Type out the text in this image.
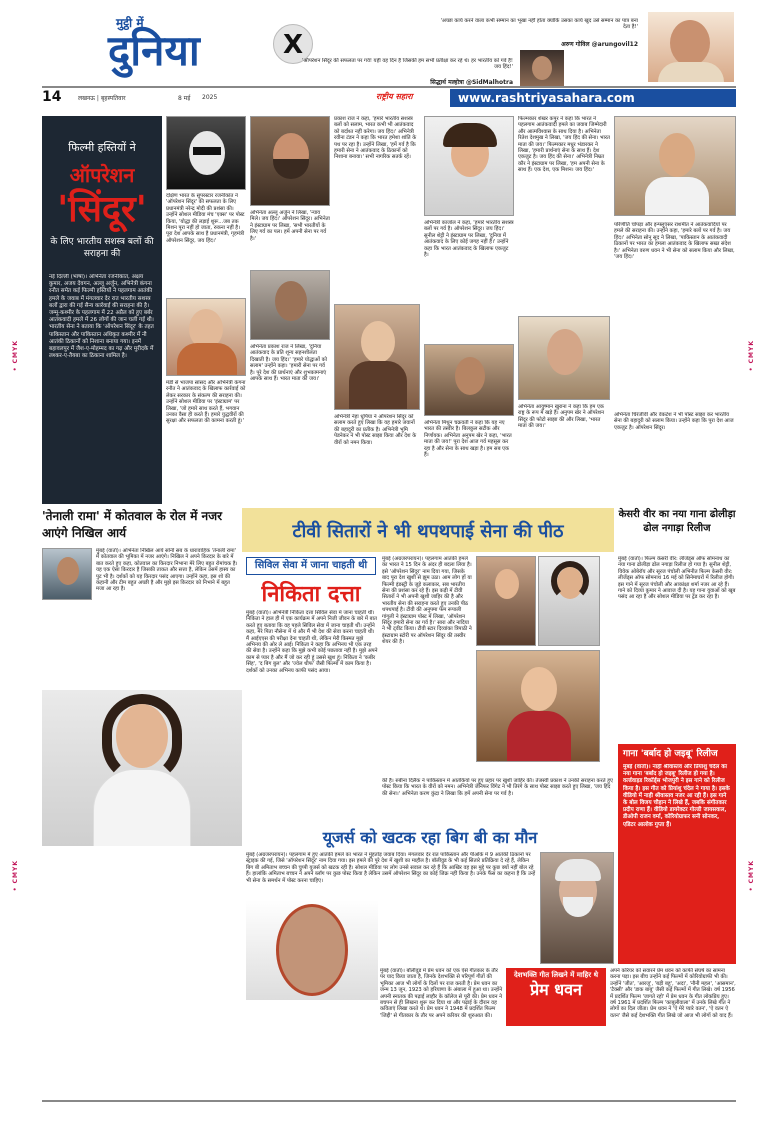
मुट्ठी में
दुनिया	X
'अच्छा कार्य करने वाला कभी सम्मान का भूखा नहीं होता क्योंकि उसका कार्य खुद उसे सम्मान का पात्र बना देता है!'
अरुण गोविल @arungovil12
'ऑपरेशन सिंदूर की सफलता पर गर्व! यही वह दिन है जिसकी हम सभी प्रतीक्षा कर रहे थे। हर भारतीय को गर्व है! जय हिंद!'
सिद्धार्थ मल्होत्रा @SidMalhotra
14	लखनऊ | बृहस्पतिवार	8 मई 2025	राष्ट्रीय सहारा	www.rashtriyasahara.com
फिल्मी हस्तियों ने
ऑपरेशन
'सिंदूर'
के लिए भारतीय सशस्त्र बलों की सराहना की
नई दिल्ली (भाषा)। अभिनेता रजनीकांत, अक्षय कुमार, अजय देवगन, अल्लू अर्जुन, अभिनेत्री कंगना रनौत समेत कई फिल्मी हस्तियों ने पहलगाम आतंकी हमले के जवाब में मंगलवार देर रात भारतीय सशस्त्र बलों द्वारा की गई सैन्य कार्रवाई की सराहना की है। जम्मू-कश्मीर के पहलगाम में 22 अप्रैल को हुए बर्बर आतंकवादी हमले में 26 लोगों की जान चली गई थी। भारतीय सेना ने बताया कि 'ऑपरेशन सिंदूर' के तहत पाकिस्तान और पाकिस्तान अधिकृत कश्मीर में नौ आतंकी ठिकानों को निशाना बनाया गया। इनमें बहावलपुर में जैश-ए-मोहम्मद का गढ़ और मुरीदके में लश्कर-ए-तैयबा का ठिकाना शामिल है।
दक्षिण भारत के सुपरस्टार रजनीकांत ने 'ऑपरेशन सिंदूर' की सफलता के लिए प्रधानमंत्री नरेन्द्र मोदी की प्रशंसा की। उन्होंने सोशल मीडिया मंच 'एक्स' पर पोस्ट किया, 'योद्धा की लड़ाई शुरू...जब तक मिशन पूरा नहीं हो जाता, रुकना नहीं है। पूरा देश आपके साथ है प्रधानमंत्री, गृहमंत्री ऑपरेशन सिंदूर, जय हिंद।'
मंडी से भाजपा सांसद और अभिनेत्री कंगना रनौत ने आतंकवाद के खिलाफ कार्रवाई को लेकर सरकार के संकल्प की सराहना की। उन्होंने सोशल मीडिया पर 'इंस्टाग्राम' पर लिखा, 'जो हमारे साथ करते हैं, भगवान उनका वैसा ही करते हैं। हमारे युद्धवीरों की सुरक्षा और सफलता की कामना करती हूं।'
अभिनेता अल्लू अर्जुन ने लिखा, 'न्याय मिले। जय हिंद।' ऑपरेशन सिंदूर। अभिनेता ने इंस्टाग्राम पर लिखा, 'सभी भारतीयों के लिए गर्व का पल। हमें अपनी सेना पर गर्व है।'
अभिनेता प्रकाश राज ने लिखा, 'दुनिया आतंकवाद के प्रति शून्य सहनशीलता दिखाती है। जय हिंद।' 'हमारे योद्धाओं को सलाम' उन्होंने कहा। 'हमारी सेना पर गर्व है। पूरे देश की प्रार्थनाएं और शुभकामनाएं आपके साथ हैं। भारत माता की जय।'
प्रकाश राज ने कहा, 'हमारे भारतीय सशस्त्र बलों को सलाम, भारत कभी भी आतंकवाद को बर्दाश्त नहीं करेगा। जय हिंद।' अभिनेत्री रवीना टंडन ने कहा कि भारत हमेशा शांति के पथ पर रहा है। उन्होंने लिखा, 'हमें गर्व है कि हमारी सेना ने आतंकवाद के ठिकानों को निशाना बनाया।' सभी नागरिक सतर्क रहें।
अभिनेत्री नेहा धूपिया ने ऑपरेशन सिंदूर को सलाम करते हुए लिखा कि यह हमारे जवानों की बहादुरी का प्रतीक है। अभिनेत्री भूमि पेडनेकर ने भी पोस्ट साझा किया और देश के वीरों को नमन किया।
अभिनेत्री काजोल ने कहा, 'हमारे भारतीय सशस्त्र बलों पर गर्व है। ऑपरेशन सिंदूर। जय हिंद।' सुनील शेट्टी ने इंस्टाग्राम पर लिखा, 'दुनिया में आतंकवाद के लिए कोई जगह नहीं है।' उन्होंने कहा कि भारत आतंकवाद के खिलाफ एकजुट है।
अभिनेता मिथुन चक्रवर्ती ने कहा कि यह नए भारत की तस्वीर है। बिलकुल सटीक और निर्णायक। अभिनेता अनुपम खेर ने कहा, 'भारत माता की जय!' पूरा देश आज गर्व महसूस कर रहा है और सेना के साथ खड़ा है। हम सब एक हैं।
फिल्मकार शेखर कपूर ने कहा कि भारत ने पहलगाम आतंकवादी हमले का जवाब जिम्मेदारी और आत्मविश्वास के साथ दिया है। अभिनेता रितेश देशमुख ने लिखा, 'जय हिंद की सेना। भारत माता की जय।' फिल्मकार मधुर भंडारकर ने लिखा, 'हमारी प्रार्थनाएं सेना के साथ हैं। देश एकजुट है। जय हिंद की सेना।' अभिनेत्री निम्रत कौर ने इंस्टाग्राम पर लिखा, 'हम अपनी सेना के साथ हैं। एक देश, एक मिशन। जय हिंद।'
अभिनेता आयुष्मान खुराना ने कहा कि हम एक राष्ट्र के रूप में खड़े हैं। अनुपम खेर ने ऑपरेशन सिंदूर की फोटो साझा की और लिखा, 'भारत माता की जय।'
परिणीति चोपड़ा और इन्फ्लुएंसर राशमीत ने आतंकवादियों पर हमले की सराहना की। उन्होंने कहा, 'हमारे बलों पर गर्व है। जय हिंद।' अभिनेता सोनू सूद ने लिखा, 'पाकिस्तान के आतंकवादी ठिकानों पर भारत का हमला आतंकवाद के खिलाफ सख्त संदेश है।' अभिनेता वरुण धवन ने भी सेना को सलाम किया और लिखा, 'जय हिंद।'
अभिनेता चिरंजीवी और वेंकटेश ने भी पोस्ट साझा कर भारतीय सेना की बहादुरी को सलाम किया। उन्होंने कहा कि पूरा देश आज एकजुट है। ऑपरेशन सिंदूर।
'तेनाली रामा' में कोतवाल के रोल में नजर आएंगे निखिल आर्य
मुंबई (वार्ता)। अभिनेता निखिल आर्य सोनी सब के धारावाहिक 'तेनाली रामा' में कोतवाल की भूमिका में नजर आएंगे। निखिल ने अपने किरदार के बारे में बात करते हुए कहा, कोतवाल का किरदार निभाना मेरे लिए बहुत रोमांचक है। यह एक ऐसा किरदार है जिसकी ताकत और सत्ता है, लेकिन उसमें हास्य का पुट भी है। दर्शकों को यह किरदार पसंद आएगा। उन्होंने कहा, इस शो की कहानी और टीम बहुत अच्छी है और मुझे इस किरदार को निभाने में बहुत मजा आ रहा है।
टीवी सितारों ने भी थपथपाई सेना की पीठ
मुंबई (अग्रजरपरायन)। पहलगाम आतंकी हमले का भारत ने 15 दिन के अंदर ही बदला लिया है। इसे 'ऑपरेशन सिंदूर' नाम दिया गया, जिसके बाद पूरा देश खुशी से झूम उठा। आम लोग हों या फिल्मी इंडस्ट्री के जुड़े कलाकार, सब भारतीय सेना की प्रशंसा कर रहे हैं। इस कड़ी में टीवी सितारों ने भी अपनी खुशी जाहिर की है और भारतीय सेना की सराहना करते हुए उनकी पीठ थपथपाई है। टीवी की अनुपमा फेम रूपाली गांगुली ने इंस्टाग्राम पोस्ट में लिखा, 'ऑपरेशन सिंदूर हमारी सेना का गर्व है।' सारा और नादिया ने भी ट्वीट किया। टीवी स्टार दिव्यांका त्रिपाठी ने इंस्टाग्राम स्टोरी पर ऑपरेशन सिंदूर की तस्वीर शेयर की है।
की है। रुबीना दिलैक ने पाकिस्तान में आतंकियों पर हुए प्रहार पर खुशी जाहिर की। तेजस्वी प्रकाश ने उनकी सराहना करते हुए पोस्ट किया कि भारत के वीरों को नमन। अभिनेत्री जेनिफर विंगेट ने भी तिरंगे के साथ पोस्ट साझा करते हुए लिखा, 'जय हिंद की सेना।' अभिनेता करण कुंद्रा ने लिखा कि हमें अपनी सेना पर गर्व है।
सिविल सेवा में जाना चाहती थी
निकिता दत्ता
मुंबई (वार्ता)। अभिनेत्री निकिता दत्ता सिविल सेवा में जाना चाहती थी। निकिता ने हाल ही में एक कार्यक्रम में अपने निजी जीवन के बारे में बात करते हुए बताया कि वह पहले सिविल सेवा में जाना चाहती थीं। उन्होंने कहा, मेरे पिता नौसेना में थे और मैं भी देश की सेवा करना चाहती थी। मैं आईएएस की परीक्षा देना चाहती थी, लेकिन मेरी किस्मत मुझे अभिनय की ओर ले आई। निकिता ने कहा कि अभिनय भी एक तरह की सेवा है। उन्होंने कहा कि मुझे कभी कोई पछतावा नहीं है। मुझे अपने काम से प्यार है और मैं जो कर रही हूं उससे खुश हूं। निकिता ने 'कबीर सिंह', 'द बिग बुल' और 'ज्वेल थीफ' जैसी फिल्मों में काम किया है। दर्शकों को उनका अभिनय काफी पसंद आया।
केसरी वीर का नया गाना ढोलीड़ा ढोल नगाड़ा रिलीज
मुंबई (वार्ता)। फिल्म केसरी वीर: लीजेंड्स ऑफ सोमनाथ का नया गाना ढोलीड़ा ढोल नगाड़ा रिलीज हो गया है। सुनील शेट्टी, विवेक ओबेरॉय और सूरज पंचोली अभिनीत फिल्म केसरी वीर: लीजेंड्स ऑफ सोमनाथ 16 मई को सिनेमाघरों में रिलीज होगी। इस गाने में सूरज पंचोली और आकांक्षा शर्मा नजर आ रहे हैं। गाने को दिव्या कुमार ने आवाज दी है। यह गाना युवाओं को खूब पसंद आ रहा है और सोशल मीडिया पर ट्रेंड कर रहा है।
गाना 'बर्बाद हो जइबू' रिलीज
मुंबई (वार्ता)। नाही श्रीवास्तव और प्रियांशु चंदेल का नया गाना 'बर्बाद हो जइबू' रिलीज हो गया है। वर्ल्डवाइड रिकॉर्ड्स भोजपुरी ने इस गाने को रिलीज किया है। इस गीत को प्रियांशु चंदेल ने गाया है। इसके वीडियो में नाही श्रीवास्तव नजर आ रही हैं। इस गाने के बोल विजय चौहान ने लिखे हैं, जबकि संगीतकार प्रदीप राणा हैं। वीडियो डायरेक्टर गोल्डी जायसवाल, डीओपी राजन वर्मा, कोरियोग्राफर सनी सोनकर, एडिटर आलोक गुप्ता हैं।
यूजर्स को खटक रहा बिग बी का मौन
मुंबई (अग्रजरपरायन)। पहलगाम में हुए आतंकी हमले का भारत ने मुंहतोड़ जवाब दिया। मंगलवार देर रात पाकिस्तान और पीओके में 9 आतंकी ठिकानों पर स्ट्राइक की गई, जिसे 'ऑपरेशन सिंदूर' नाम दिया गया। इस हमले की पूरे देश में खुशी का माहौल है। बॉलीवुड के भी कई सितारे प्रतिक्रिया दे रहे हैं, लेकिन बिग बी अमिताभ बच्चन की चुप्पी यूजर्स को खटक रही है। सोशल मीडिया पर लोग उनसे सवाल कर रहे हैं कि आखिर वह इस मुद्दे पर कुछ क्यों नहीं बोल रहे हैं। हालांकि अमिताभ बच्चन ने अपने ब्लॉग पर कुछ पोस्ट किया है लेकिन उसमें ऑपरेशन सिंदूर का कोई जिक्र नहीं किया है। उनके फैंस का कहना है कि उन्हें भी सेना के समर्थन में पोस्ट करना चाहिए।
देशभक्ति गीत लिखने में माहिर थे
प्रेम धवन
मुंबई (वार्ता)। बॉलीवुड में प्रेम धवन को एक ऐसे गीतकार के तौर पर याद किया जाता है, जिनके देशभक्ति से परिपूर्ण गीतों की भूमिका आज भी लोगों के दिलों पर राज करती है। प्रेम धवन का जन्म 13 जून, 1923 को हरियाणा के अंबाला में हुआ था। उन्होंने अपनी स्नातक की पढ़ाई लाहौर के कॉलेज से पूरी की। प्रेम धवन ने बचपन से ही लिखना शुरू कर दिया था और पढ़ाई के दौरान वह कविताएं लिखा करते थे। प्रेम धवन ने 1948 में प्रदर्शित फिल्म 'जिद्दी' से गीतकार के तौर पर अपने करियर की शुरुआत की।
अपने करियर को सवारने प्रेम धवन को काफी संघर्ष का सामना करना पड़ा। इस बीच उन्होंने कई फिल्मों में कोरियोग्राफी भी की। उन्होंने 'जीत', 'आरजू', 'बड़ी बहू', 'अदा', 'नौनी महल', 'आसमान', 'टैक्सी' और 'डाक बाबू' जैसी कई फिल्मों में गीत लिखे। वर्ष 1956 में प्रदर्शित फिल्म 'जागते रहो' में प्रेम धवन के गीत लोकप्रिय हुए। वर्ष 1961 में प्रदर्शित फिल्म 'काबुलीवाला' में उनके लिखे गीत ने लोगों का दिल जीता। प्रेम धवन ने 'ऐ मेरे प्यारे वतन', 'ऐ वतन ऐ वतन' जैसे कई देशभक्ति गीत लिखे जो आज भी लोगों को याद हैं।
• CMYK	• CMYK
• CMYK	• CMYK
